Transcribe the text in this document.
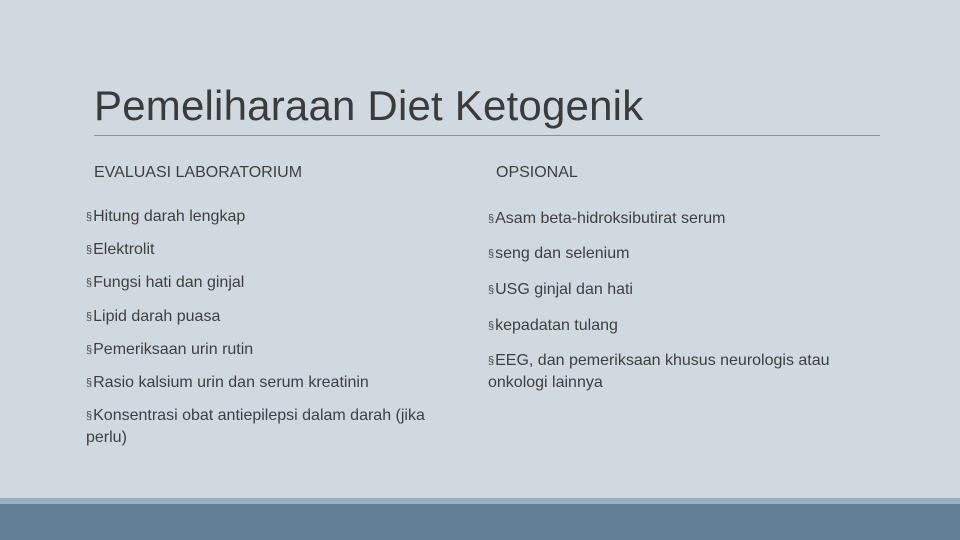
Pemeliharaan Diet Ketogenik
EVALUASI LABORATORIUM	OPSIONAL
§Hitung darah lengkap
§Elektrolit
§Fungsi hati dan ginjal
§Lipid darah puasa
§Pemeriksaan urin rutin
§Rasio kalsium urin dan serum kreatinin
§Konsentrasi obat antiepilepsi dalam darah (jika perlu)
§Asam beta-hidroksibutirat serum
§seng dan selenium
§USG ginjal dan hati
§kepadatan tulang
§EEG, dan pemeriksaan khusus neurologis atau onkologi lainnya
